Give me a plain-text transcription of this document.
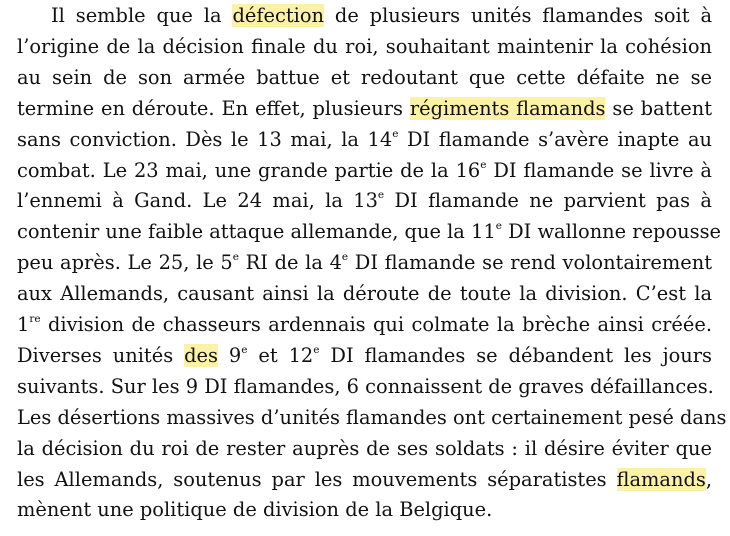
Il semble que la défection de plusieurs unités flamandes soit à
l’origine de la décision finale du roi, souhaitant maintenir la cohésion
au sein de son armée battue et redoutant que cette défaite ne se
termine en déroute. En effet, plusieurs régiments flamands se battent
sans conviction. Dès le 13 mai, la 14e DI flamande s’avère inapte au
combat. Le 23 mai, une grande partie de la 16e DI flamande se livre à
l’ennemi à Gand. Le 24 mai, la 13e DI flamande ne parvient pas à
contenir une faible attaque allemande, que la 11e DI wallonne repousse
peu après. Le 25, le 5e RI de la 4e DI flamande se rend volontairement
aux Allemands, causant ainsi la déroute de toute la division. C’est la
1re division de chasseurs ardennais qui colmate la brèche ainsi créée.
Diverses unités des 9e et 12e DI flamandes se débandent les jours
suivants. Sur les 9 DI flamandes, 6 connaissent de graves défaillances.
Les désertions massives d’unités flamandes ont certainement pesé dans
la décision du roi de rester auprès de ses soldats : il désire éviter que
les Allemands, soutenus par les mouvements séparatistes flamands,
mènent une politique de division de la Belgique.
